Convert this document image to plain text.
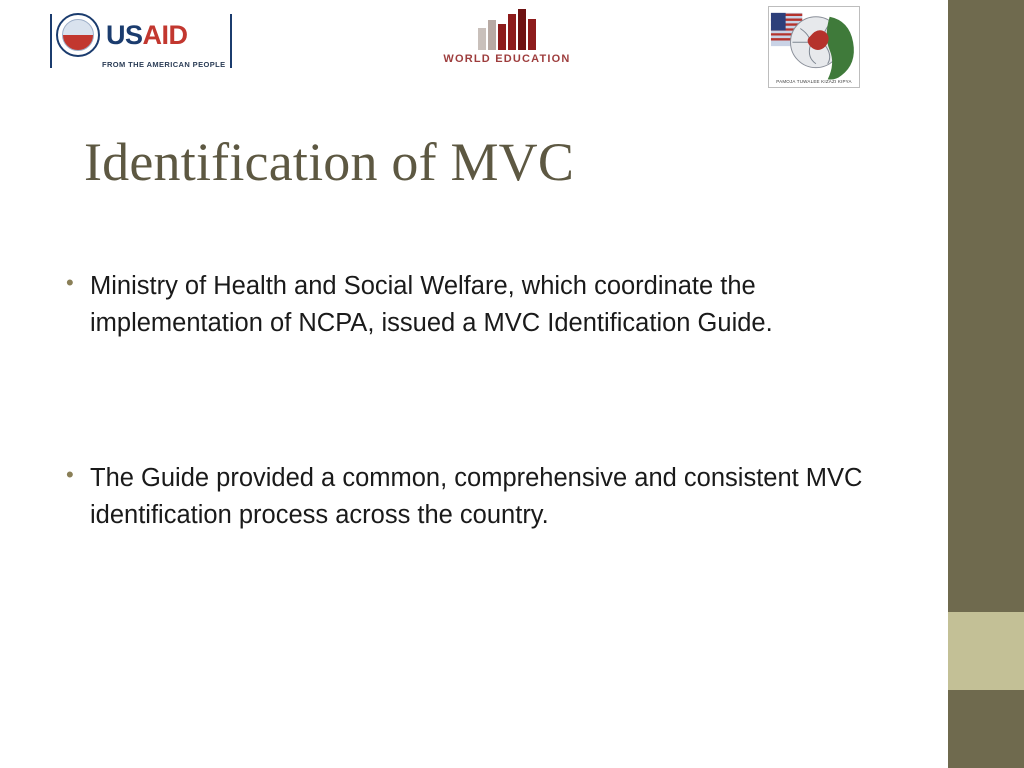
USAID
FROM THE AMERICAN PEOPLE	WORLD EDUCATION
PAMOJA TUWALEE KIZAZI KIPYA
Identification of MVC
• Ministry of Health and Social Welfare, which coordinate the implementation of NCPA, issued a MVC Identification Guide.
• The Guide provided a common, comprehensive and consistent MVC identification process across the country.
